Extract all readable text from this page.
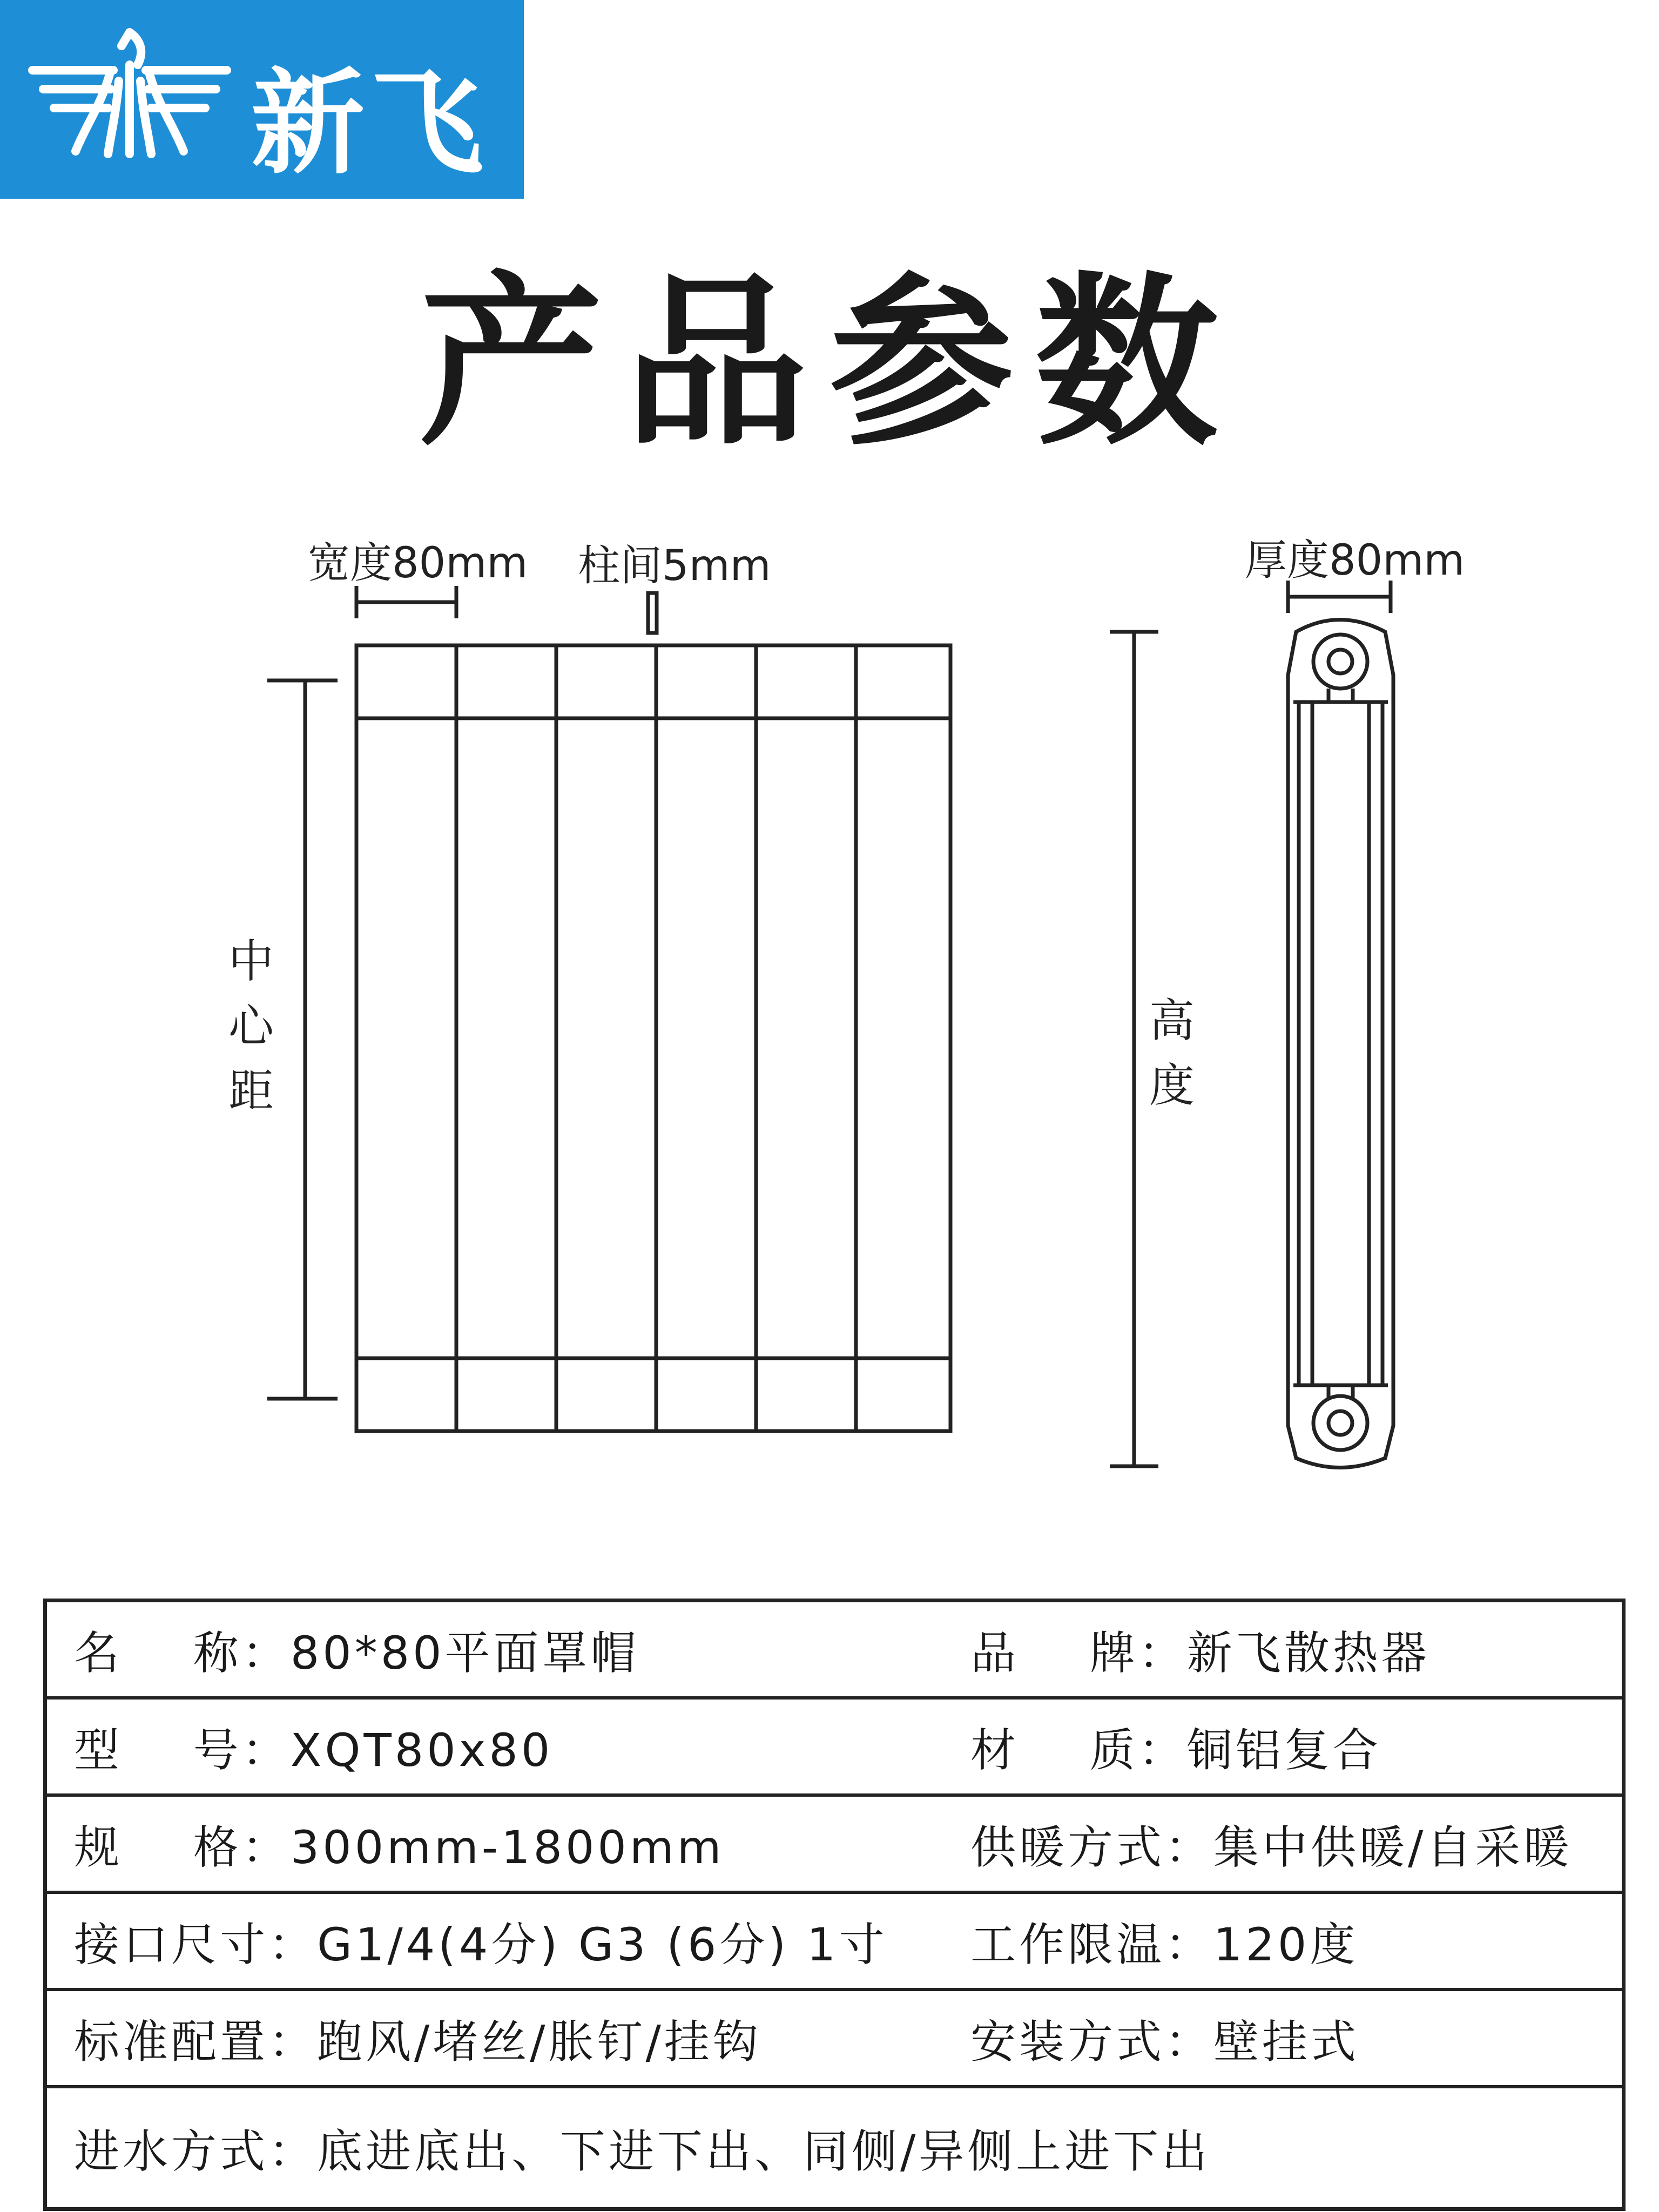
新飞
产品参数
宽度80mm 柱间5mm	厚度80mm
中
心
距
高
度
名    称：80*80平面罩帽	品    牌：新飞散热器
型    号：XQT80x80	材    质：铜铝复合
规    格：300mm-1800mm	供暖方式：集中供暖/自采暖
接口尺寸：G1/4(4分) G3 (6分) 1寸 工作限温：120度
标准配置：跑风/堵丝/胀钉/挂钩	安装方式：壁挂式
进水方式：底进底出、下进下出、同侧/异侧上进下出
